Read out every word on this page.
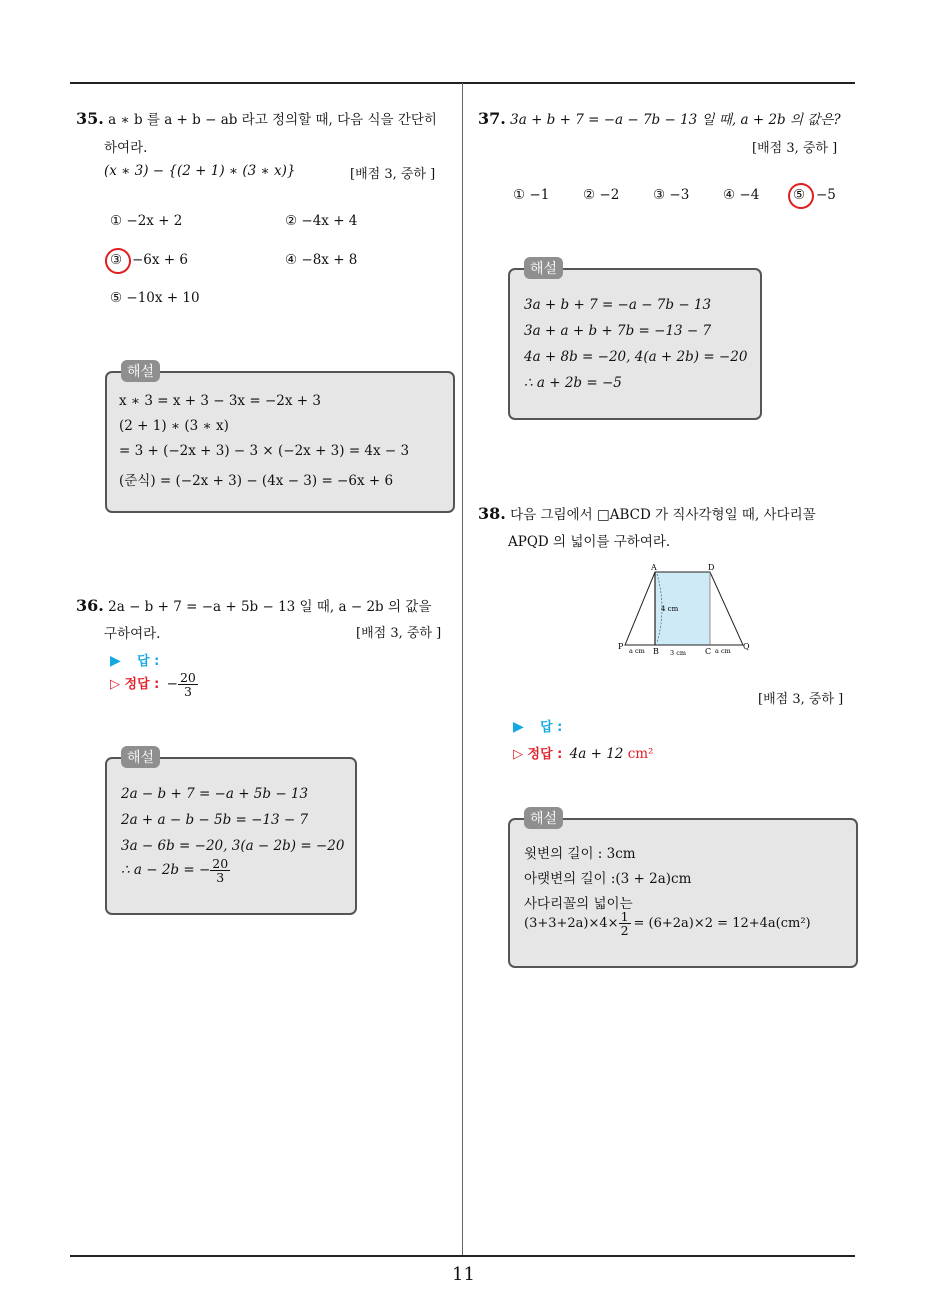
11
35. a ∗ b 를 a + b − ab 라고 정의할 때, 다음 식을 간단히
하여라.
(x ∗ 3) − {(2 + 1) ∗ (3 ∗ x)}	[배점 3, 중하 ]
① −2x + 2	② −4x + 4
③ −6x + 6	④ −8x + 8
⑤ −10x + 10
해설
x ∗ 3 = x + 3 − 3x = −2x + 3
(2 + 1) ∗ (3 ∗ x)
= 3 + (−2x + 3) − 3 × (−2x + 3) = 4x − 3
(준식) = (−2x + 3) − (4x − 3) = −6x + 6
36. 2a − b + 7 = −a + 5b − 13 일 때, a − 2b 의 값을
구하여라.	[배점 3, 중하 ]
▶ 답 :
▷ 정답 : − $\frac{20}{3}$
해설
2a − b + 7 = −a + 5b − 13
2a + a − b − 5b = −13 − 7
3a − 6b = −20, 3(a − 2b) = −20
∴ a − 2b = − $\frac{20}{3}$
37. 3a + b + 7 = −a − 7b − 13 일 때, a + 2b 의 값은?
[배점 3, 중하 ]
① −1 ② −2 ③ −3 ④ −4 ⑤ −5
해설
3a + b + 7 = −a − 7b − 13
3a + a + b + 7b = −13 − 7
4a + 8b = −20, 4(a + 2b) = −20
∴ a + 2b = −5
38. 다음 그림에서 □ABCD 가 직사각형일 때, 사다리꼴
APQD 의 넓이를 구하여라.
A	D
P	Q
B	C
4 cm
a cm	3 cm	a cm
[배점 3, 중하 ]
▶ 답 :
▷ 정답 : 4a + 12 cm²
해설
윗변의 길이 : 3cm
아랫변의 길이 :(3 + 2a)cm
사다리꼴의 넓이는
$(3+3+2a)\times 4\times \frac{1}{2} = (6+2a)\times 2 = 12+4a(cm^2)$
